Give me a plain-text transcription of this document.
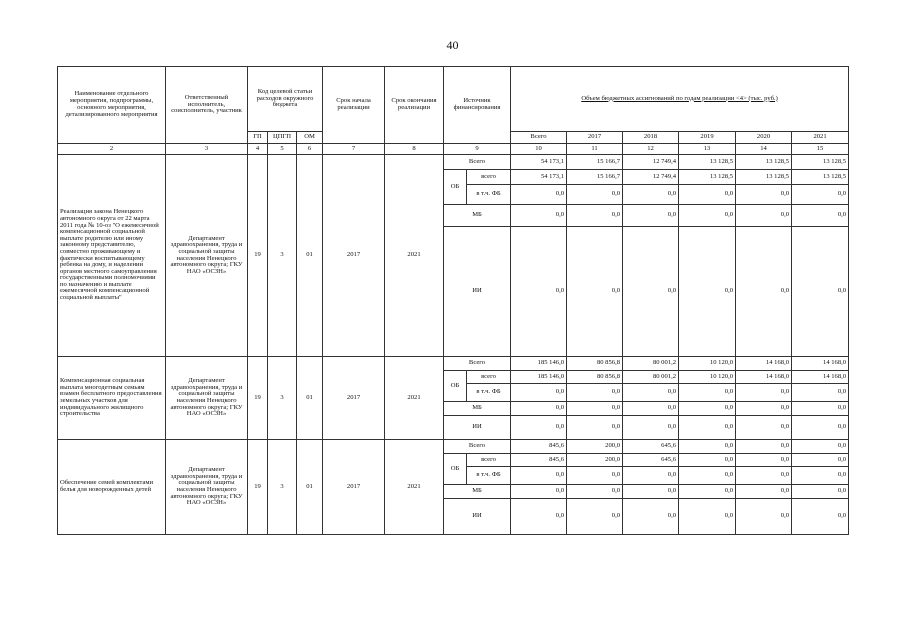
40
Наименование отдельного мероприятия, подпрограммы, основного мероприятия, детализированного мероприятия	Ответственный исполнитель, соисполнитель, участник	Код целевой статьи расходов окружного бюджета			Срок начала реализации	Срок окончания реализации	Источник финансирования		Объем бюджетных ассигнований по годам реализации <4> (тыс. руб.)					
		ГП	ЦПГП	ОМ					Всего	2017	2018	2019	2020	2021
2	3	4	5	6	7	8	9		10	11	12	13	14	15
Реализация закона Ненецкого автономного округа от 22 марта 2011 года № 10-оз "О ежемесячной компенсационной социальной выплате родителю или иному законному представителю, совместно проживающему и фактически воспитывающему ребенка на дому, и наделении органов местного самоуправления государственными полномочиями по назначению и выплате ежемесячной компенсационной социальной выплаты"	Департамент здравоохранения, труда и социальной защиты населения Ненецкого автономного округа; ГКУ НАО «ОСЗН»	19	3	01	2017	2021	Всего		54 173,1	15 166,7	12 749,4	13 128,5	13 128,5	13 128,5
							ОБ	всего	54 173,1	15 166,7	12 749,4	13 128,5	13 128,5	13 128,5
								в т.ч. ФБ	0,0	0,0	0,0	0,0	0,0	0,0
							МБ		0,0	0,0	0,0	0,0	0,0	0,0
							ИИ		0,0	0,0	0,0	0,0	0,0	0,0
Компенсационная социальная выплата многодетным семьям взамен бесплатного предоставления земельных участков для индивидуального жилищного строительства	Департамент здравоохранения, труда и социальной защиты населения Ненецкого автономного округа; ГКУ НАО «ОСЗН»	19	3	01	2017	2021	Всего		185 146,0	80 856,8	80 001,2	10 120,0	14 168,0	14 168,0
							ОБ	всего	185 146,0	80 856,8	80 001,2	10 120,0	14 168,0	14 168,0
								в т.ч. ФБ	0,0	0,0	0,0	0,0	0,0	0,0
							МБ		0,0	0,0	0,0	0,0	0,0	0,0
							ИИ		0,0	0,0	0,0	0,0	0,0	0,0
Обеспечение семей комплектами белья для новорожденных детей	Департамент здравоохранения, труда и социальной защиты населения Ненецкого автономного округа; ГКУ НАО «ОСЗН»	19	3	01	2017	2021	Всего		845,6	200,0	645,6	0,0	0,0	0,0
							ОБ	всего	845,6	200,0	645,6	0,0	0,0	0,0
								в т.ч. ФБ	0,0	0,0	0,0	0,0	0,0	0,0
							МБ		0,0	0,0	0,0	0,0	0,0	0,0
							ИИ		0,0	0,0	0,0	0,0	0,0	0,0
